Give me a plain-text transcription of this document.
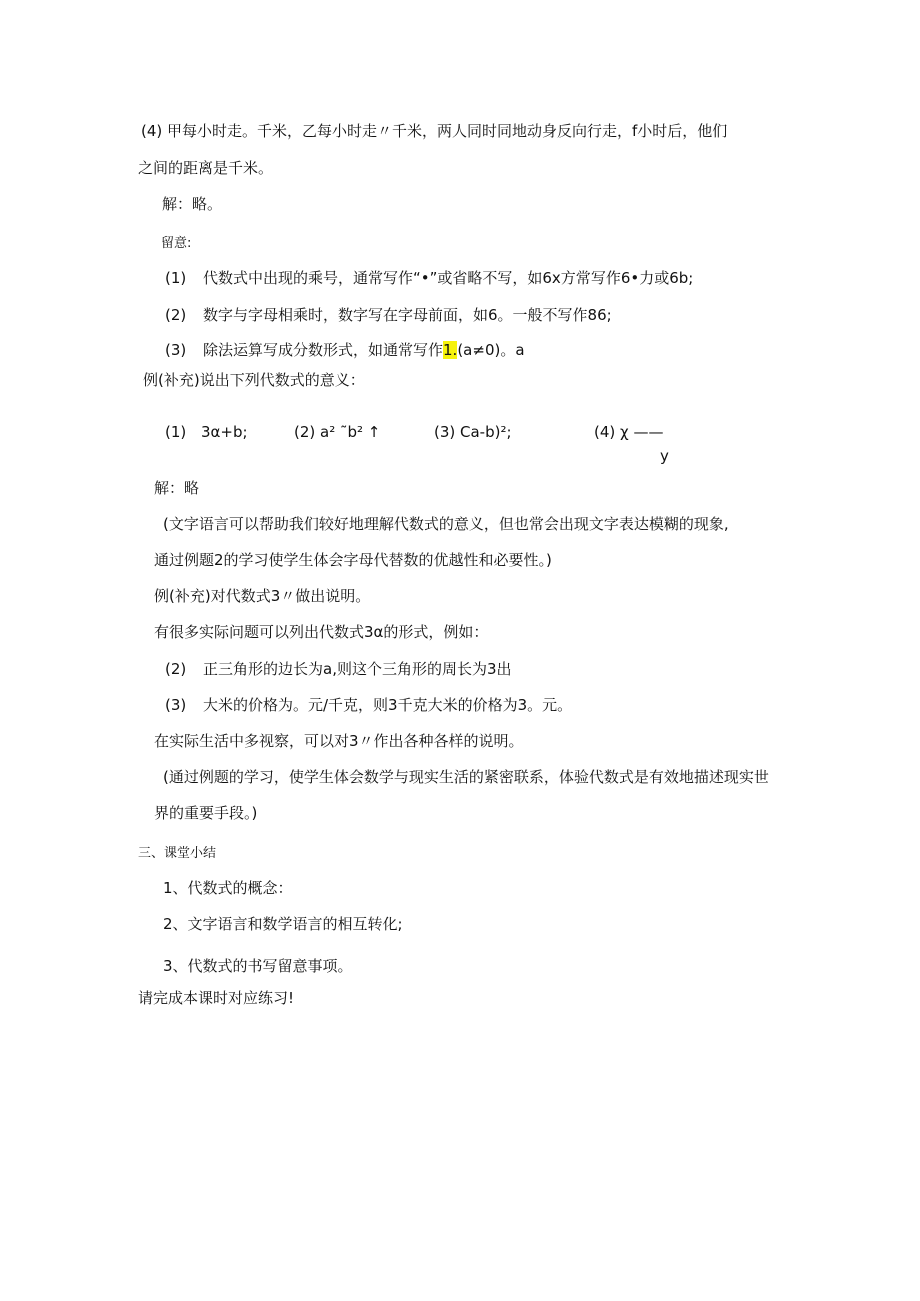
(4) 甲每小时走。千米，乙每小时走〃千米，两人同时同地动身反向行走，f小时后，他们
之间的距离是千米。
解：略。
留意:
(1) 代数式中出现的乘号，通常写作“•”或省略不写，如6x方常写作6•力或6b;
(2) 数字与字母相乘时，数字写在字母前面，如6。一般不写作86;
(3) 除法运算写成分数形式，如通常写作1.(a≠0)。a
例(补充)说出下列代数式的意义：
(1) 3α+b;	(2) a² ˜b² ↑	(3) Ca-b)²;	(4) χ ——
y
解：略
(文字语言可以帮助我们较好地理解代数式的意义，但也常会出现文字表达模糊的现象,
通过例题2的学习使学生体会字母代替数的优越性和必要性。)
例(补充)对代数式3〃做出说明。
有很多实际问题可以列出代数式3α的形式，例如：
(2) 正三角形的边长为a,则这个三角形的周长为3出
(3) 大米的价格为。元/千克，则3千克大米的价格为3。元。
在实际生活中多视察，可以对3〃作出各种各样的说明。
(通过例题的学习，使学生体会数学与现实生活的紧密联系，体验代数式是有效地描述现实世
界的重要手段。)
三、课堂小结
1、代数式的概念：
2、文字语言和数学语言的相互转化;
3、代数式的书写留意事项。
请完成本课时对应练习!
